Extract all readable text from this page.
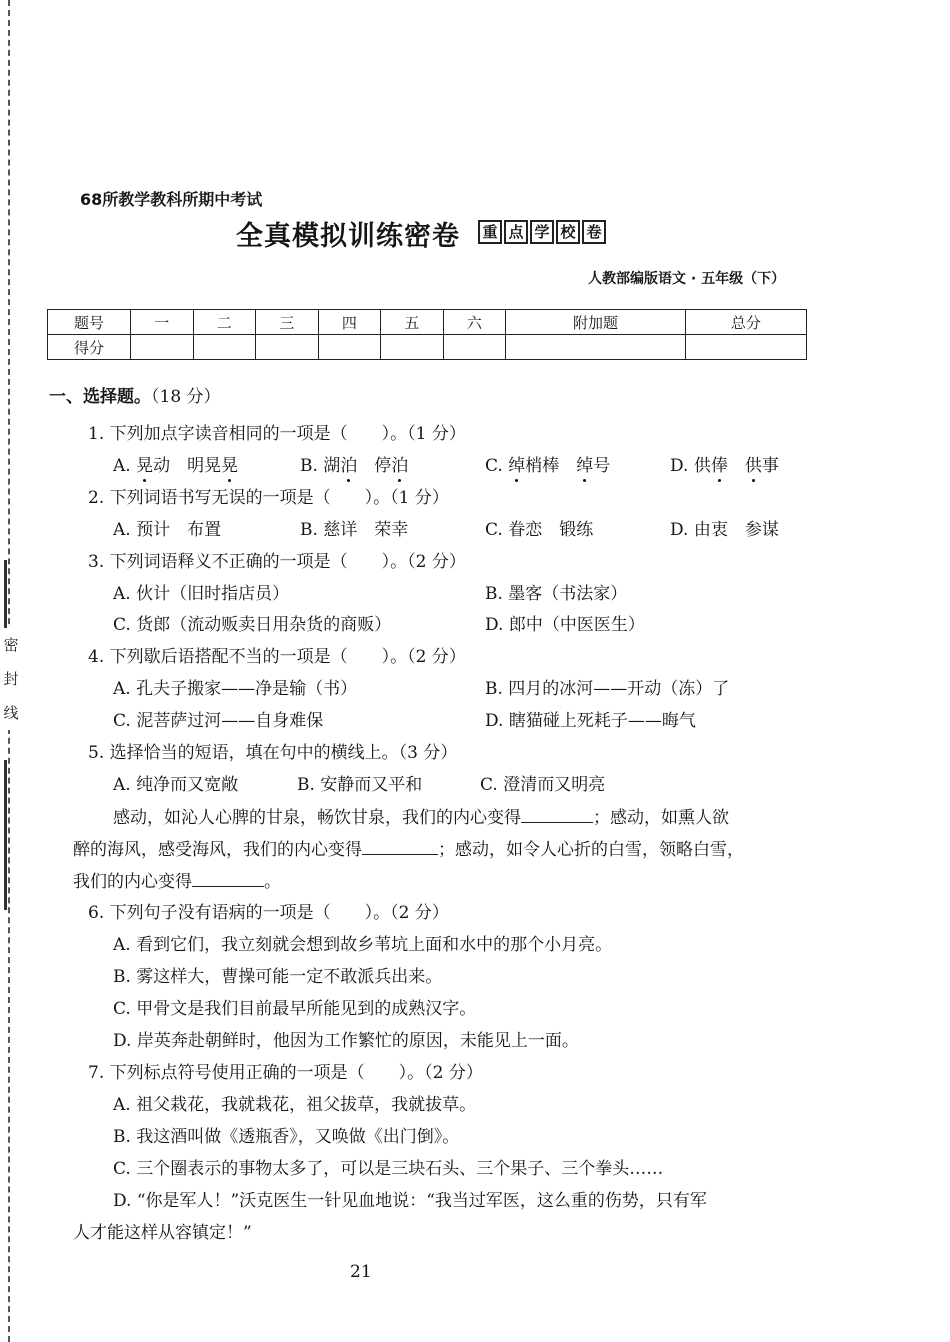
密 封 线
68所教学教科所期中考试
全真模拟训练密卷 重 点 学 校 卷
人教部编版语文 · 五年级（下）
题号	一	二	三	四	五	六	附加题	总分
得分								
一、选择题。（18 分）
1. 下列加点字读音相同的一项是（　　）。（1 分）
A. 晃动　明晃晃	B. 湖泊　停泊	C. 绰梢棒　绰号	D. 供俸　 供事
2. 下列词语书写无误的一项是（　　）。（1 分）
A. 预计　布置	B. 慈详　荣幸	C. 眷恋　锻练	D. 由衷　参谋
3. 下列词语释义不正确的一项是（　　）。（2 分）
A. 伙计（旧时指店员）	B. 墨客（书法家）
C. 货郎（流动贩卖日用杂货的商贩）	D. 郎中（中医医生）
4. 下列歇后语搭配不当的一项是（　　）。（2 分）
A. 孔夫子搬家——净是输（书）	B. 四月的冰河——开动（冻）了
C. 泥菩萨过河——自身难保	D. 瞎猫碰上死耗子——晦气
5. 选择恰当的短语，填在句中的横线上。（3 分）
A. 纯净而又宽敞	B. 安静而又平和	C. 澄清而又明亮
感动，如沁人心脾的甘泉，畅饮甘泉，我们的内心变得	；感动，如熏人欲
醉的海风，感受海风，我们的内心变得	；感动，如令人心折的白雪，领略白雪，
我们的内心变得	。
6. 下列句子没有语病的一项是（　　）。（2 分）
A. 看到它们，我立刻就会想到故乡苇坑上面和水中的那个小月亮。
B. 雾这样大，曹操可能一定不敢派兵出来。
C. 甲骨文是我们目前最早所能见到的成熟汉字。
D. 岸英奔赴朝鲜时，他因为工作繁忙的原因，未能见上一面。
7. 下列标点符号使用正确的一项是（　　）。（2 分）
A. 祖父栽花，我就栽花，祖父拔草，我就拔草。
B. 我这酒叫做《透瓶香》，又唤做《出门倒》。
C. 三个圈表示的事物太多了，可以是三块石头、三个果子、三个拳头……
D. “你是军人！”沃克医生一针见血地说：“我当过军医，这么重的伤势，只有军
人才能这样从容镇定！”
21
